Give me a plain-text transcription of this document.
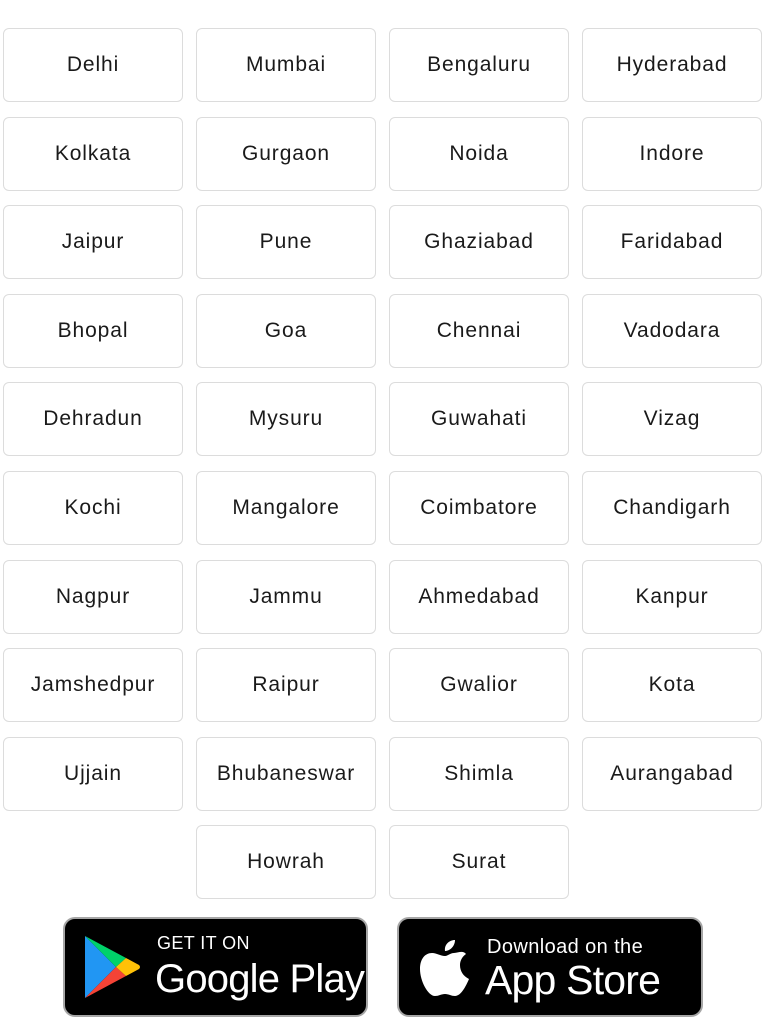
Delhi	Mumbai	Bengaluru	Hyderabad
Kolkata	Gurgaon	Noida	Indore
Jaipur	Pune	Ghaziabad	Faridabad
Bhopal	Goa	Chennai	Vadodara
Dehradun	Mysuru	Guwahati	Vizag
Kochi	Mangalore	Coimbatore	Chandigarh
Nagpur	Jammu	Ahmedabad	Kanpur
Jamshedpur	Raipur	Gwalior	Kota
Ujjain	Bhubaneswar	Shimla	Aurangabad
Howrah	Surat
GET IT ON
Google Play
Download on the
App Store
